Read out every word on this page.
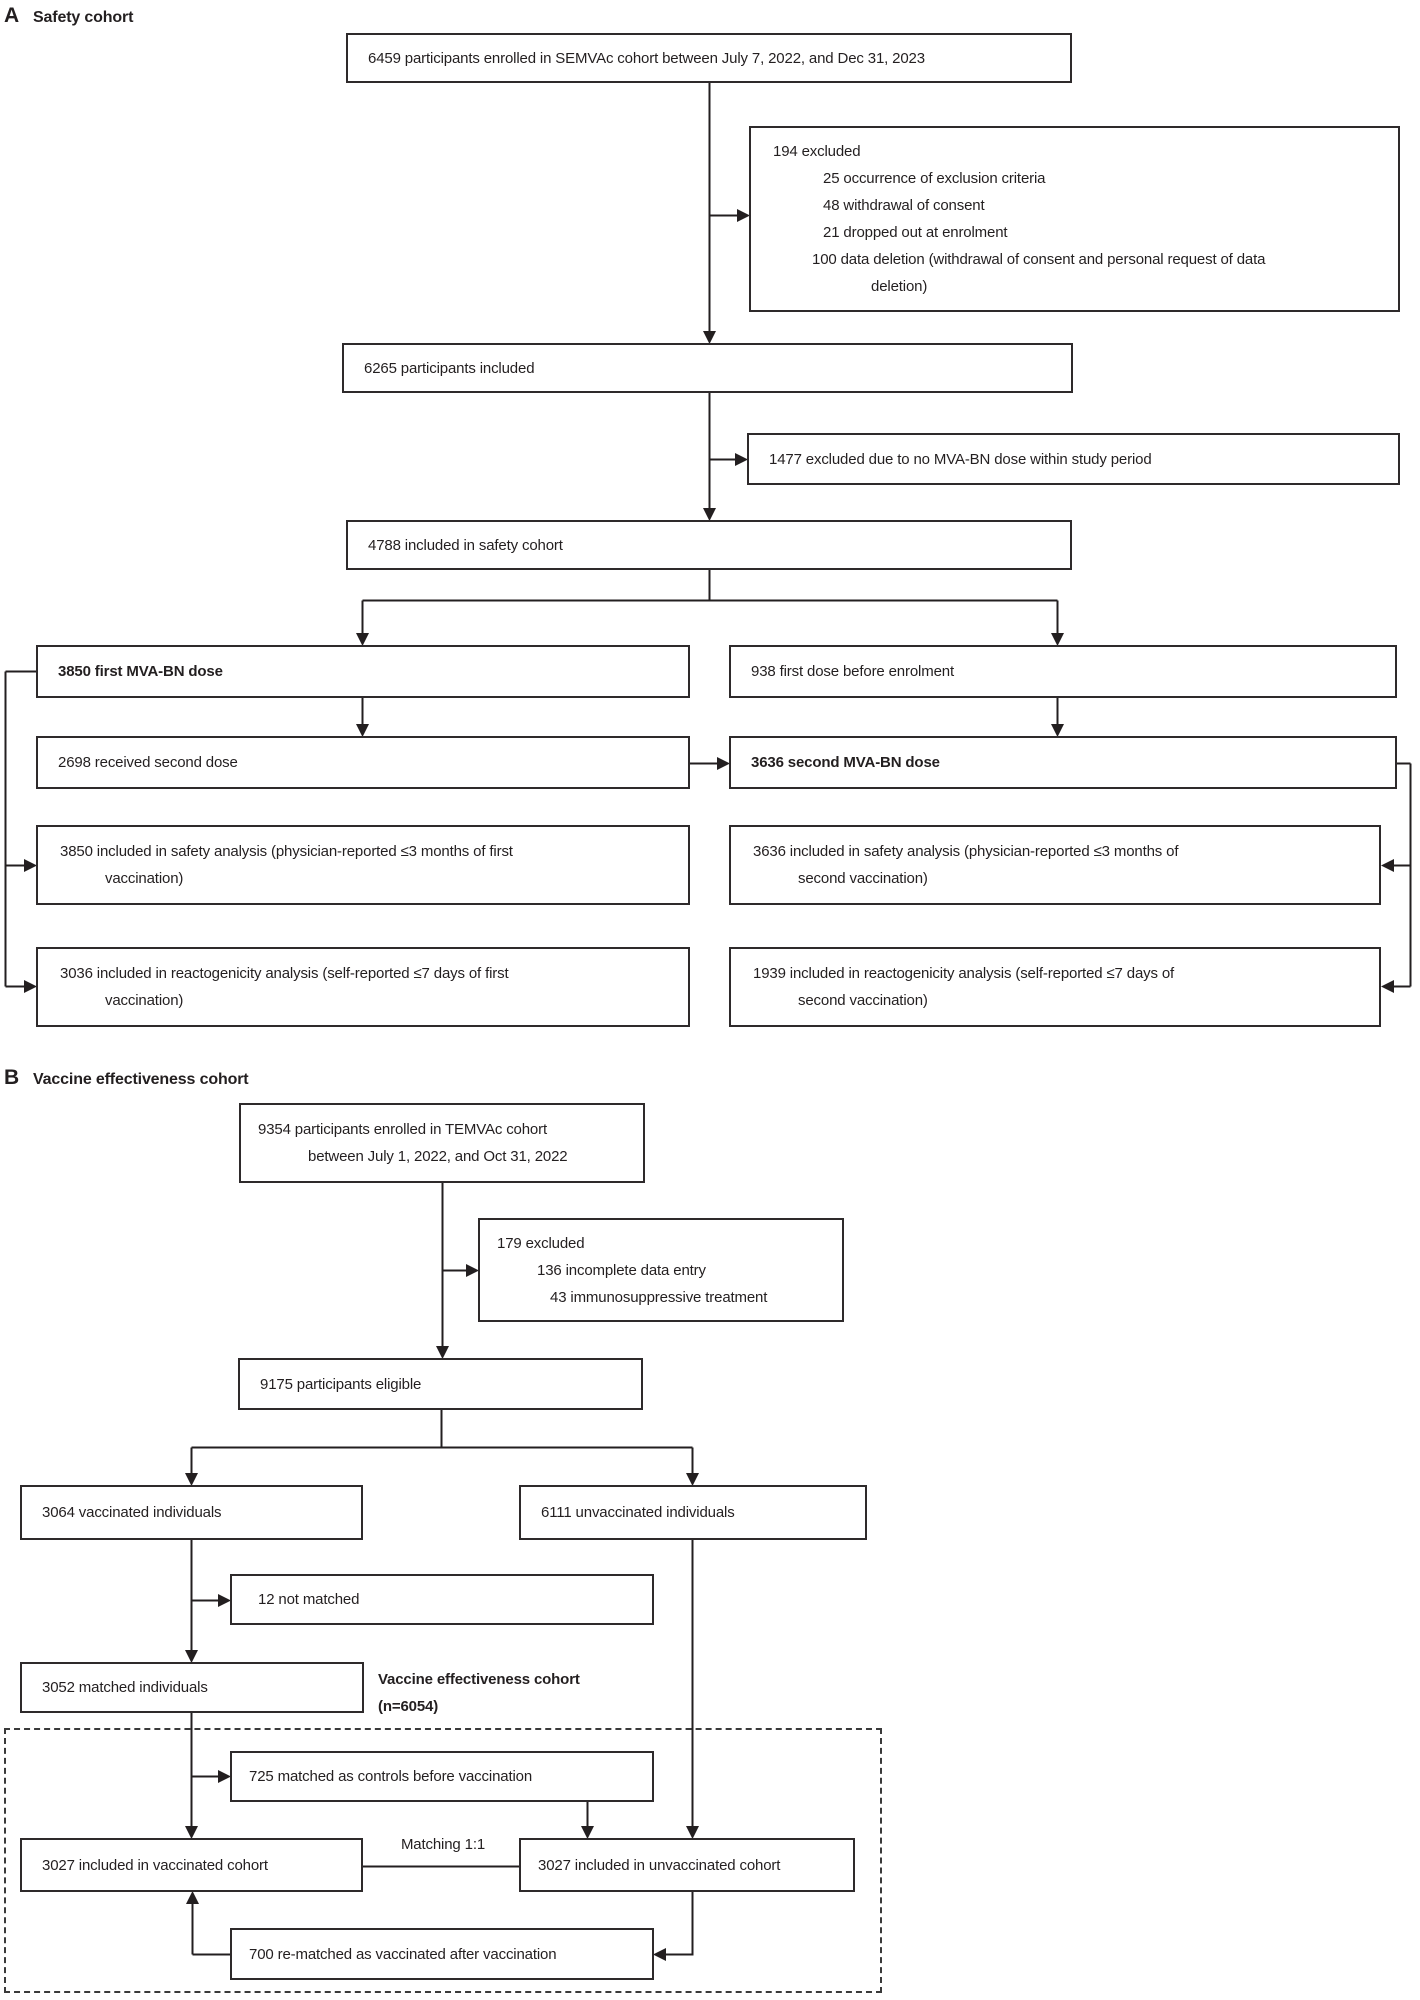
A Safety cohort
6459 participants enrolled in SEMVAc cohort between July 7, 2022, and Dec 31, 2023
194 excluded
25 occurrence of exclusion criteria
48 withdrawal of consent
21 dropped out at enrolment
100 data deletion (withdrawal of consent and personal request of data
deletion)
6265 participants included
1477 excluded due to no MVA-BN dose within study period
4788 included in safety cohort
3850 first MVA-BN dose	938 first dose before enrolment
2698 received second dose	3636 second MVA-BN dose
3850 included in safety analysis (physician-reported ≤3 months of first
vaccination)
3636 included in safety analysis (physician-reported ≤3 months of
second vaccination)
3036 included in reactogenicity analysis (self-reported ≤7 days of first
vaccination)
1939 included in reactogenicity analysis (self-reported ≤7 days of
second vaccination)
B Vaccine effectiveness cohort
9354 participants enrolled in TEMVAc cohort
between July 1, 2022, and Oct 31, 2022
179 excluded
136 incomplete data entry
43 immunosuppressive treatment
9175 participants eligible
3064 vaccinated individuals	6111 unvaccinated individuals
12 not matched
3052 matched individuals	Vaccine effectiveness cohort
(n=6054)
725 matched as controls before vaccination
3027 included in vaccinated cohort
Matching 1:1
3027 included in unvaccinated cohort
700 re-matched as vaccinated after vaccination
